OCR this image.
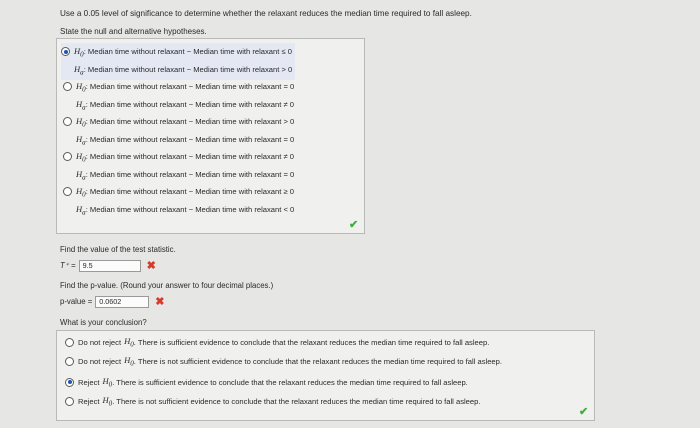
Use a 0.05 level of significance to determine whether the relaxant reduces the median time required to fall asleep.
State the null and alternative hypotheses.
$H_0$: Median time without relaxant − Median time with relaxant ≤ 0
$H_a$: Median time without relaxant − Median time with relaxant > 0
$H_0$: Median time without relaxant − Median time with relaxant = 0
$H_a$: Median time without relaxant − Median time with relaxant ≠ 0
$H_0$: Median time without relaxant − Median time with relaxant > 0
$H_a$: Median time without relaxant − Median time with relaxant = 0
$H_0$: Median time without relaxant − Median time with relaxant ≠ 0
$H_a$: Median time without relaxant − Median time with relaxant = 0
$H_0$: Median time without relaxant − Median time with relaxant ≥ 0
$H_a$: Median time without relaxant − Median time with relaxant < 0
✔
Find the value of the test statistic.
T⁺ = 9.5	✖
Find the p-value. (Round your answer to four decimal places.)
p-value = 0.0602	✖
What is your conclusion?
Do not reject $H_0$ . There is sufficient evidence to conclude that the relaxant reduces the median time required to fall asleep.
Do not reject $H_0$ . There is not sufficient evidence to conclude that the relaxant reduces the median time required to fall asleep.
Reject $H_0$ . There is sufficient evidence to conclude that the relaxant reduces the median time required to fall asleep.
Reject $H_0$ . There is not sufficient evidence to conclude that the relaxant reduces the median time required to fall asleep.
✔
